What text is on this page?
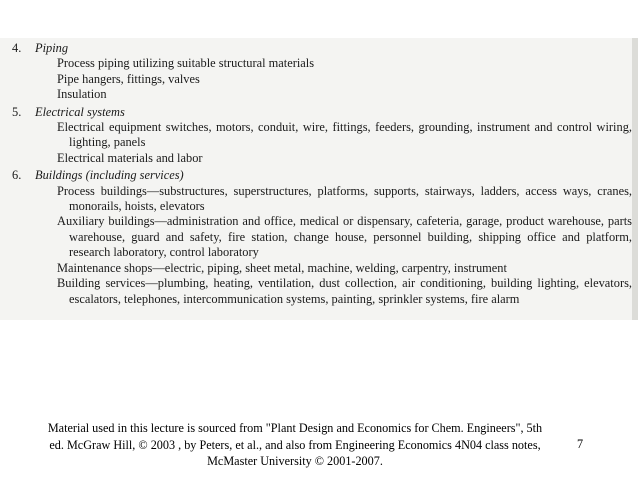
4. Piping
Process piping utilizing suitable structural materials
Pipe hangers, fittings, valves
Insulation
5. Electrical systems
Electrical equipment switches, motors, conduit, wire, fittings, feeders, grounding, instrument and control wiring, lighting, panels
Electrical materials and labor
6. Buildings (including services)
Process buildings—substructures, superstructures, platforms, supports, stairways, ladders, access ways, cranes, monorails, hoists, elevators
Auxiliary buildings—administration and office, medical or dispensary, cafeteria, garage, product warehouse, parts warehouse, guard and safety, fire station, change house, personnel building, shipping office and platform, research laboratory, control laboratory
Maintenance shops—electric, piping, sheet metal, machine, welding, carpentry, instrument
Building services—plumbing, heating, ventilation, dust collection, air conditioning, building lighting, elevators, escalators, telephones, intercommunication systems, painting, sprinkler systems, fire alarm
Material used in this lecture is sourced from "Plant Design and Economics for Chem. Engineers", 5th
ed. McGraw Hill, © 2003 , by Peters, et al., and also from Engineering Economics 4N04 class notes,
McMaster University © 2001-2007.
7
